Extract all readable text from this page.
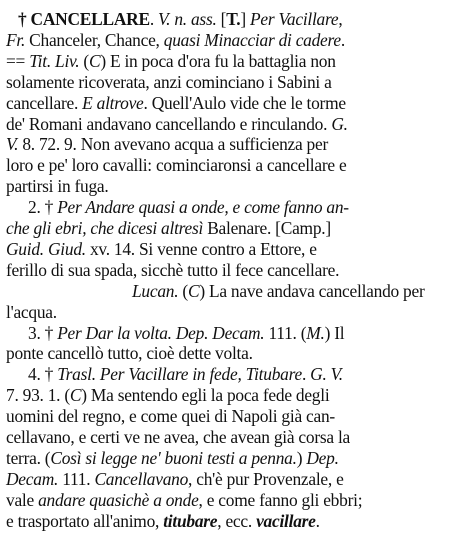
† CANCELLARE. V. n. ass. [T.] Per Vacillare,
Fr. Chanceler, Chance, quasi Minacciar di cadere.
== Tit. Liv. (C) E in poca d'ora fu la battaglia non
solamente ricoverata, anzi cominciano i Sabini a
cancellare. E altrove. Quell'Aulo vide che le torme
de' Romani andavano cancellando e rinculando. G.
V. 8. 72. 9. Non avevano acqua a sufficienza per
loro e pe' loro cavalli: cominciaronsi a cancellare e
partirsi in fuga.
2. † Per Andare quasi a onde, e come fanno an-
che gli ebri, che dicesi altresì Balenare. [Camp.]
Guid. Giud. xv. 14. Si venne contro a Ettore, e
ferillo di sua spada, sicchè tutto il fece cancellare.
Lucan. (C) La nave andava cancellando per
l'acqua.
3. † Per Dar la volta. Dep. Decam. 111. (M.) Il
ponte cancellò tutto, cioè dette volta.
4. † Trasl. Per Vacillare in fede, Titubare. G. V.
7. 93. 1. (C) Ma sentendo egli la poca fede degli
uomini del regno, e come quei di Napoli già can-
cellavano, e certi ve ne avea, che avean già corsa la
terra. (Così si legge ne' buoni testi a penna.) Dep.
Decam. 111. Cancellavano, ch'è pur Provenzale, e
vale andare quasichè a onde, e come fanno gli ebbri;
e trasportato all'animo, titubare, ecc. vacillare.
